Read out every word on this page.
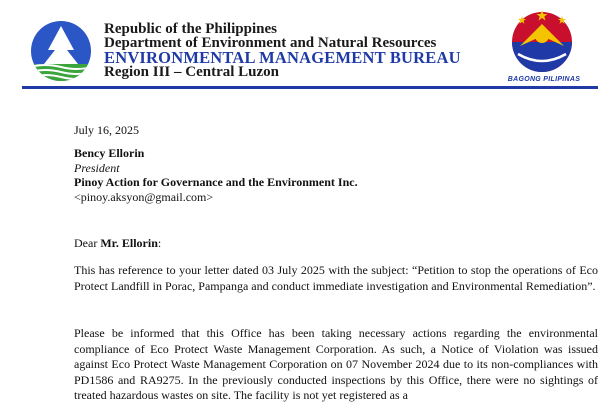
Republic of the Philippines
Department of Environment and Natural Resources
ENVIRONMENTAL MANAGEMENT BUREAU
Region III – Central Luzon	BAGONG PILIPINAS
July 16, 2025
Bency Ellorin
President
Pinoy Action for Governance and the Environment Inc.
<pinoy.aksyon@gmail.com>
Dear Mr. Ellorin:
This has reference to your letter dated 03 July 2025 with the subject: “Petition to stop the operations of Eco Protect Landfill in Porac, Pampanga and conduct immediate investigation and Environmental Remediation”.
Please be informed that this Office has been taking necessary actions regarding the environmental compliance of Eco Protect Waste Management Corporation. As such, a Notice of Violation was issued against Eco Protect Waste Management Corporation on 07 November 2024 due to its non-compliances with PD1586 and RA9275. In the previously conducted inspections by this Office, there were no sightings of treated hazardous wastes on site. The facility is not yet registered as a
